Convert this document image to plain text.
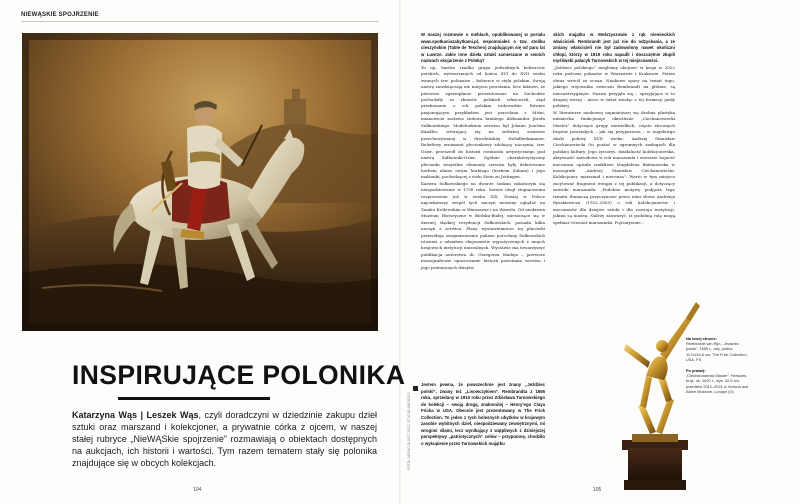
NIEWĄSKIE SPOJRZENIE
INSPIRUJĄCE POLONIKA
Katarzyna Wąs | Leszek Wąs, czyli doradczyni w dziedzinie zakupu dzieł sztuki oraz marszand i kolekcjoner, a prywatnie córka z ojcem, w naszej stałej rubryce „NieWĄSkie spojrzenie” rozmawiają o obiektach dostępnych na aukcjach, ich historii i wartości. Tym razem tematem stały się polonika znajdujące się w obcych kolekcjach.
104
FOTO: AGENCJA DOT 2022, STUDIO ANDRZEJ

W naszej rozmowie o meblach, opublikowanej w portalu www.spotkaniazabytkami.pl, wspomniałeś o tzw. stoliku cieszyńskim (Table de Teschen) znajdującym się od paru lat w Luwrze. Jakie inne dzieła sztuki zamieszane w swoich nazwach skojarzenie z Polską?

To np. bardzo rzadka grupa jedwabnych kobierców perskich, wytwarzanych od końca XVI do XVII wieku zwanych tzw. polonaise – kobierce w stylu polskim. Swoją nazwę zawdzięczają nie miejscu powstania, lecz faktowi, że pierwsze egzemplarze prezentowane na Zachodzie pochodziły ze zbiorów polskich właścicieli, stąd przekonanie o ich polskim rodowodzie. Równie pasjonującym przykładem jest porcelana z Miśni, mianowicie zastawa stołowa hrabiego Aleksandra Józefa Sułkowskiego. Modelunkiem serwisu był Johann Joachim Kändler, wtórujący się na srebrnej zastawie przechowywanej w drezdeńskiej Hofsilberkammer. Reliefowy ornament plecionkowy zdobiący naczynia, tzw. Ozier, przeszedł do historii rzemiosła artystycznego pod nazwą Sułkowski-Ozier. Ogólnie charakterystyczny plecionki wszystkie elementy serwisu były dekorowane herbem alians owym hrabiego (herbem Sulima) i jego małżonki, pochodzącej z rodu Stein zu Jettingen.

Kariera Sułkowskiego na dworze saskim zakończyła się niespodziewanie w 1738 roku. Serwis uległ stopniowemu rozproszeniu już w wieku XIX. Dzisiaj w Polsce najciekawszy zespół tych naczyń możemy oglądać na Zamku Królewskim w Warszawie i na Wawelu. Od niedawna Muzeum Historyczne w Bielsku-Białej, mieszczące się w dawnej śląskiej rezydencji Sułkowskich, posiada kilka naczyń z serwisu. Plany wystawiennicze tej placówki przewidują zorganizowanie pokazu porcelany Sułkowskich również z udziałem eksponatów wypożyczonych z innych krajowych instytucji muzealnych. Wystawie ma towarzyszyć publikacja autorstwa dr. Grzegorza Madeja – pierwsze monograficzne opracowanie historii powstania serwisu i jego późniejszych dziejów.

Jestem pewna, że powszechnie jest znany „Jeździec polski”, zwany też „Lisowczykiem”. Rembrandta z 1655 roku, sprzedany w 1910 roku przez Zdzisława Tarnowskiego do kolekcji – swoją drogą, znakomitej – Henry’ego Claya Fricka w USA. Obecnie jest prezentowany w The Frick Collection. To jeden z tych bolesnych ubytków w krajowym zasobie wybitnych dzieł, niespodziewany zewnętrznymi, mi wrogimi siłami, lecz wynikający z wątpliwych z dzisiejszej perspektywy „patriotycznych” celów – przypomnę, chodziło o wykupienie przez Tarnowskich majątku

skich majątku w Mokrzyszowie z rąk niemieckich właścicieli. Rembrandt jest już nie do odzyskania, a ze zmiany właścicieli nie był zadowolony nawet okoliczni chłopi, którzy w 1919 roku napadli i doszczętnie złupili myśliwski pałacyk Tarnowskich w tej miejscowości.

„Jeździec polskiego” mogliśmy obejrzeć w kraju w 2022 roku podczas pokazów w Warszawie i Krakowie. Potem obraz wrócił za ocean. Naukowe spory na temat tego, jakiego wojownika zwieczni Rembrandt na płótnie, są nierozstrzygnięte. Nazwa przyjęła się – sprzyjająca w to drugiej wersji – nieco w świat wiodąc z tej formacji jazdy polskiej.

W literaturze naukowej najmniejszej się drobna plastyka niemiecka funkcjonuje określenie „Ciechanowiecki Master” dotyczące grupy niewielkich, często złoconych brązów powstałych – jak się przypuszcza – w Augsburgu około połowy XVII wieku. Andrzej Stanisław Ciechanowiecki (to postać w ogromnych zasługach dla polskiej kultury. Jego życiorys, działalność kolekcjonerska, aktywność zawodowa w roli marszanda i wreszcie hojność mecenasa opisała wnikliwie Magdalena Białonowska w monografii „Andrzej Stanisław Ciechanowiecki. Kolekcjoner, marszand i mecenas”. Warto w tym miejscu zacytować fragment wstępu z tej publikacji, a dotyczący zawodu marszanda: „Podobne motywy podjęcia tego tematu tłumaczą przyczynowe przez nimi słowa Andrzeja Ryszkiewicza (1922–2005) o roli kolekcjonerów i mecenasów dla dziejów sztuki i dla rozwoju instytucji, jakimi są muzea. Należy zauważyć, iż podobną rolę mogą spełniać również marszandzi. Pojciatywnie ›

Na lewej stronie:
Rembrandt van Rijn, „Jeździec polski”, 1655 r., olej, płótno, 117x134,6 cm, The Frick Collection, USA, FS
Po prawej:
„Ciechanowiecki Master”, Herkules, brąz, ok. 1620 r., wys. 32,5 cm, przedtem 2012–2021 w Victoria and Albert Museum, Londyn (G)
105
